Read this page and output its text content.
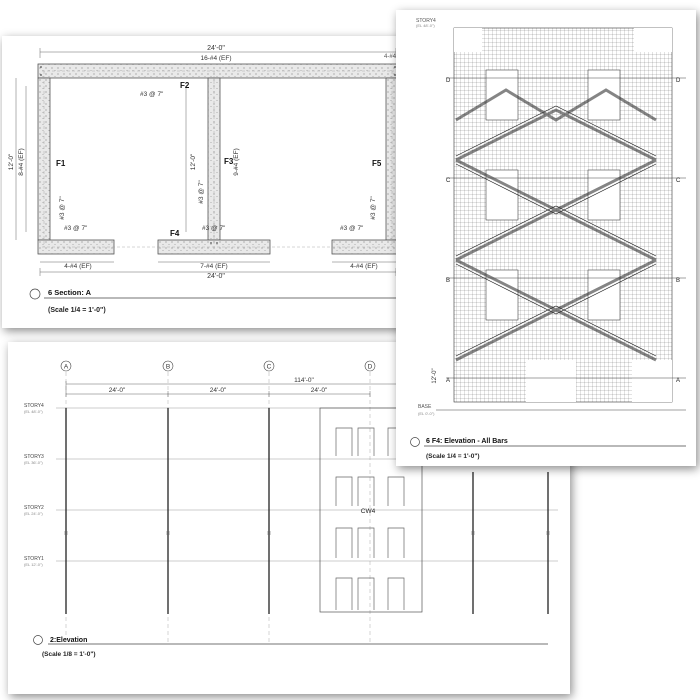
A	B	C	D
114'-0"
24'-0"	24'-0"	24'-0"
STORY4
(EL 48'-0")
STORY3
(EL 36'-0")
STORY2
(EL 24'-0")
STORY1
(EL 12'-0")
CW4
2:Elevation
(Scale 1/8 = 1'-0")
24'-0"
16-#4 (EF)	4-#4
12'-0" 8-#4 (EF)
#3 @ 7"
F1
F2
12'-0"
#3 @ 7"
F3 9-#4 (EF)
F4
F5
#3 @ 7"
#3 @ 7"
#3 @ 7"	#3 @ 7"	#3 @ 7"
4-#4 (EF)	7-#4 (EF)	4-#4 (EF)
24'-0"
6 Section: A
(Scale 1/4 = 1'-0")
STORY4
(EL 48'-0")
D
C
B
A
D
C
B
A
12'-0"
BASE
(EL 0'-0")
6 F4: Elevation - All Bars
(Scale 1/4 = 1'-0")
